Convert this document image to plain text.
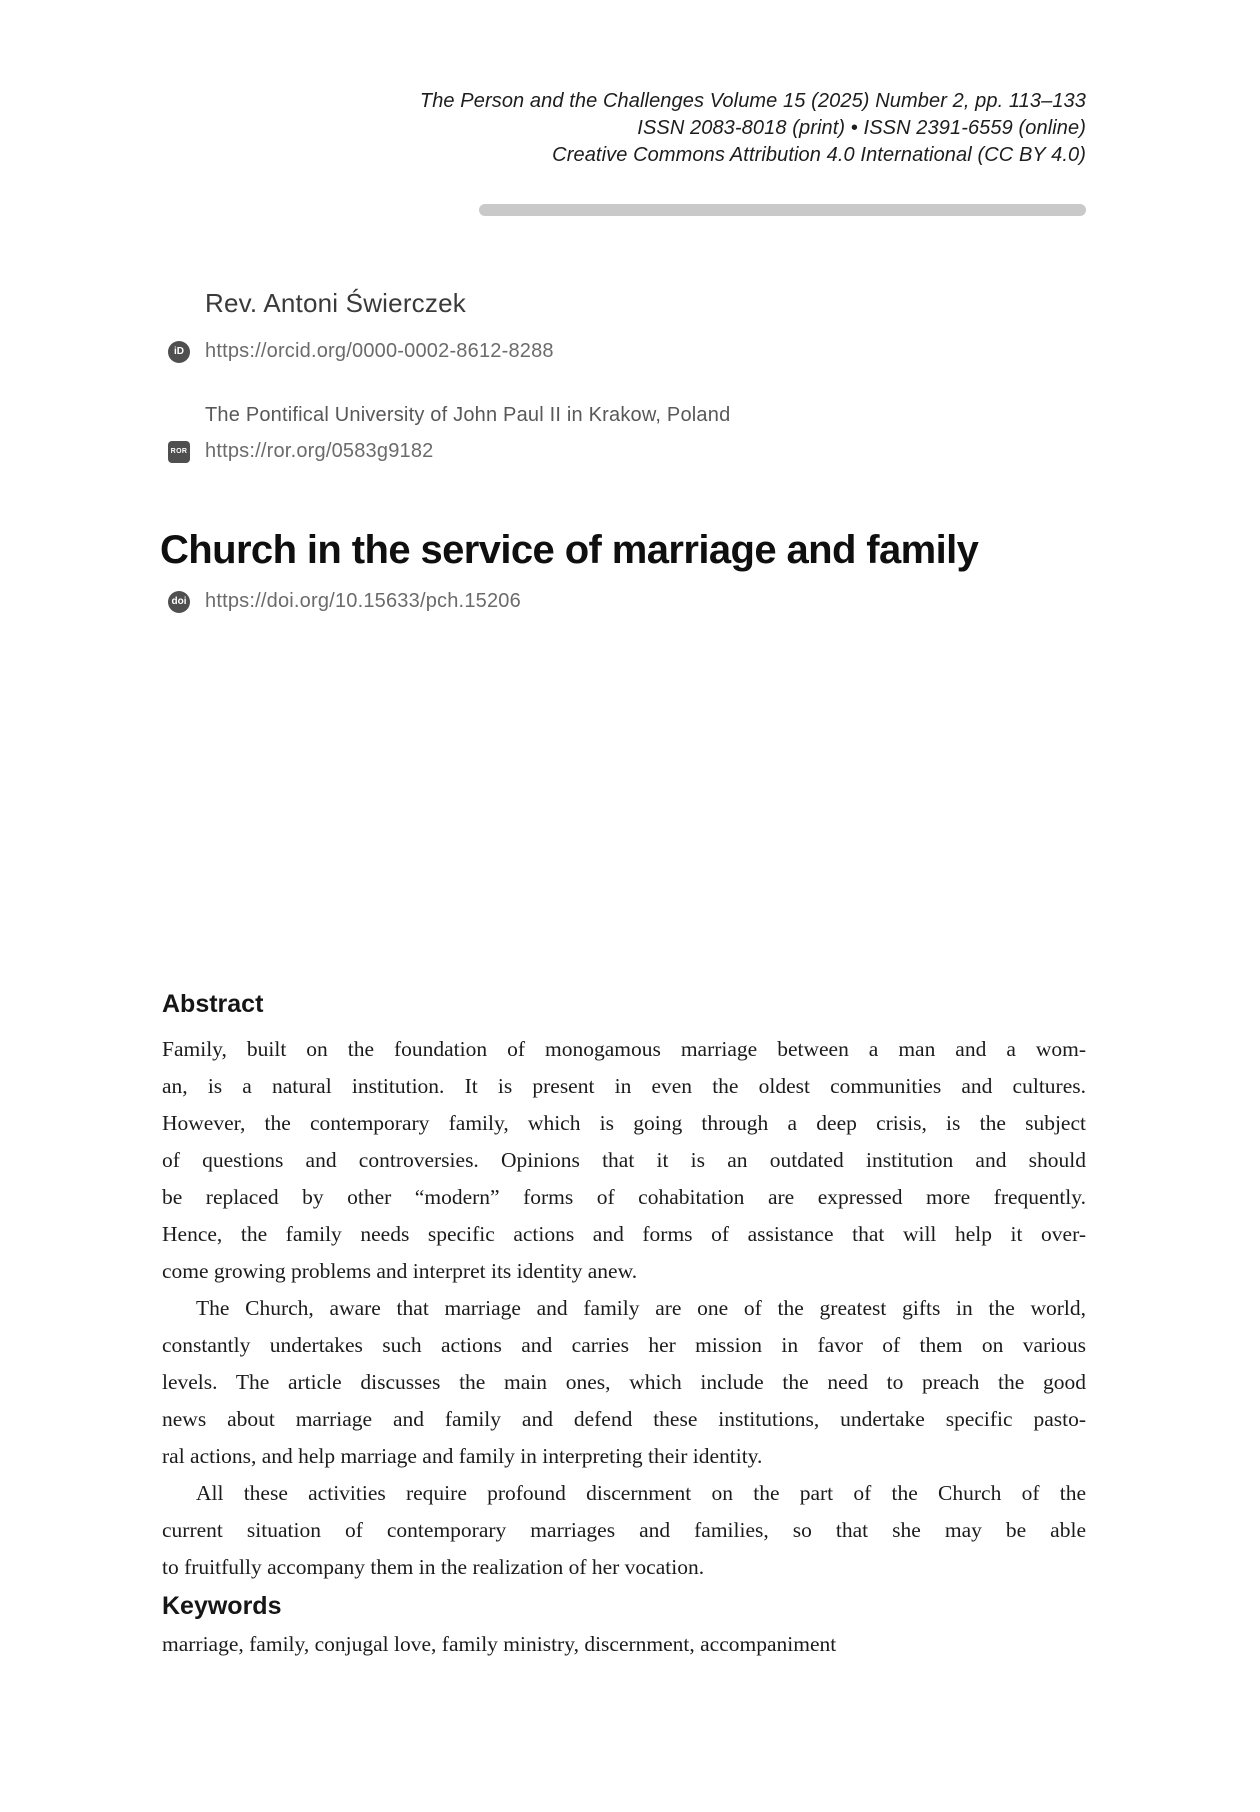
The Person and the Challenges Volume 15 (2025) Number 2, pp. 113–133
ISSN 2083-8018 (print) • ISSN 2391-6559 (online)
Creative Commons Attribution 4.0 International (CC BY 4.0)
Rev. Antoni Świerczek
iD	https://orcid.org/0000-0002-8612-8288
The Pontifical University of John Paul II in Krakow, Poland
ROR https://ror.org/0583g9182
Church in the service of marriage and family
doi https://doi.org/10.15633/pch.15206
Abstract
Family, built on the foundation of monogamous marriage between a man and a wom-
an, is a natural institution. It is present in even the oldest communities and cultures.
However, the contemporary family, which is going through a deep crisis, is the subject
of questions and controversies. Opinions that it is an outdated institution and should
be replaced by other “modern” forms of cohabitation are expressed more frequently.
Hence, the family needs specific actions and forms of assistance that will help it over-
come growing problems and interpret its identity anew.
The Church, aware that marriage and family are one of the greatest gifts in the world,
constantly undertakes such actions and carries her mission in favor of them on various
levels. The article discusses the main ones, which include the need to preach the good
news about marriage and family and defend these institutions, undertake specific pasto-
ral actions, and help marriage and family in interpreting their identity.
All these activities require profound discernment on the part of the Church of the
current situation of contemporary marriages and families, so that she may be able
to fruitfully accompany them in the realization of her vocation.
Keywords
marriage, family, conjugal love, family ministry, discernment, accompaniment
